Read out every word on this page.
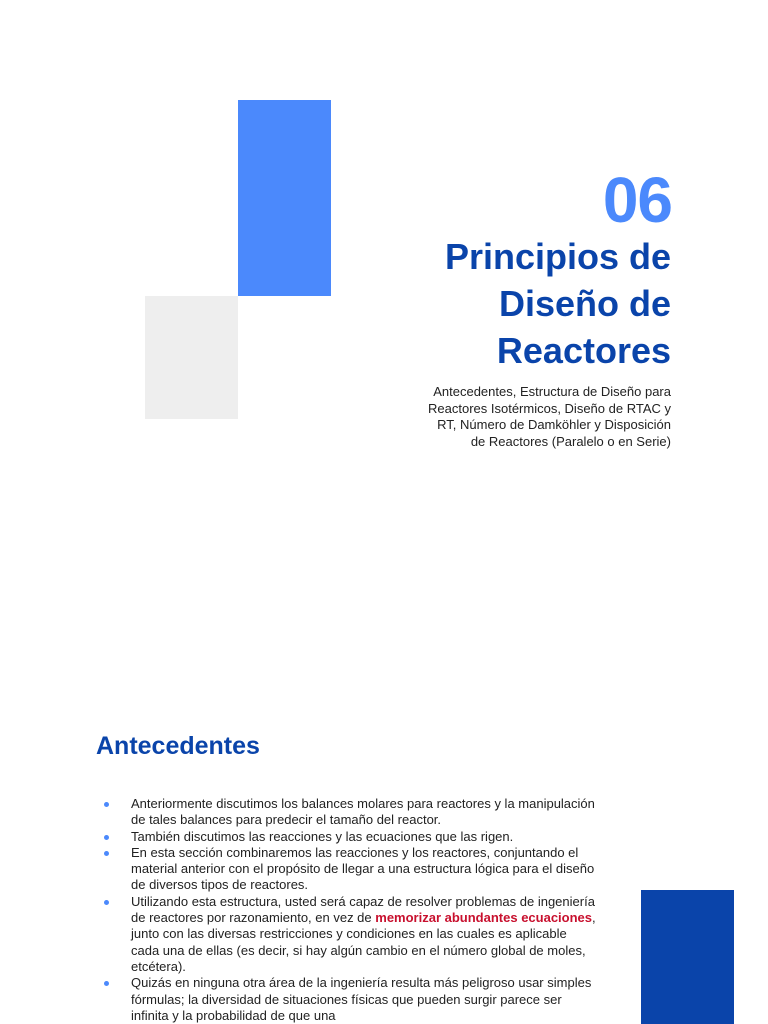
06
Principios de
Diseño de
Reactores
Antecedentes, Estructura de Diseño para
Reactores Isotérmicos, Diseño de RTAC y
RT, Número de Damköhler y Disposición
de Reactores (Paralelo o en Serie)
Antecedentes
Anteriormente discutimos los balances molares para reactores y la manipulación de tales balances para predecir el tamaño del reactor.
También discutimos las reacciones y las ecuaciones que las rigen.
En esta sección combinaremos las reacciones y los reactores, conjuntando el material anterior con el propósito de llegar a una estructura lógica para el diseño de diversos tipos de reactores.
Utilizando esta estructura, usted será capaz de resolver problemas de ingeniería de reactores por razonamiento, en vez de memorizar abundantes ecuaciones, junto con las diversas restricciones y condiciones en las cuales es aplicable cada una de ellas (es decir, si hay algún cambio en el número global de moles, etcétera).
Quizás en ninguna otra área de la ingeniería resulta más peligroso usar simples fórmulas; la diversidad de situaciones físicas que pueden surgir parece ser infinita y la probabilidad de que una
